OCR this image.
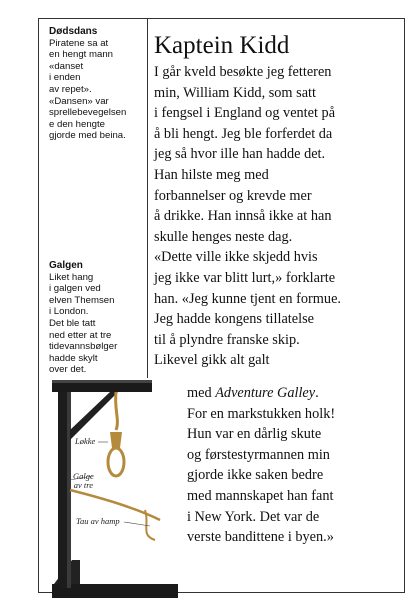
Dødsdans
Piratene sa at
en hengt mann
«danset
i enden
av repet».
«Dansen» var
sprellebevegelsen
e den hengte
gjorde med beina.
Galgen
Liket hang
i galgen ved
elven Themsen
i London.
Det ble tatt
ned etter at tre
tidevannsbølger
hadde skylt
over det.
Kaptein Kidd

I går kveld besøkte jeg fetteren
min, William Kidd, som satt
i fengsel i England og ventet på
å bli hengt. Jeg ble forferdet da
jeg så hvor ille han hadde det.
Han hilste meg med
forbannelser og krevde mer
å drikke. Han innså ikke at han
skulle henges neste dag.
«Dette ville ikke skjedd hvis
jeg ikke var blitt lurt,» forklarte
han. «Jeg kunne tjent en formue.
Jeg hadde kongens tillatelse
til å plyndre franske skip.
Likevel gikk alt galt

med Adventure Galley.
For en markstukken holk!
Hun var en dårlig skute
og førstestyrmannen min
gjorde ikke saken bedre
med mannskapet han fant
i New York. Det var de
verste bandittene i byen.»

Løkke
Galge
av tre
Tau av hamp
